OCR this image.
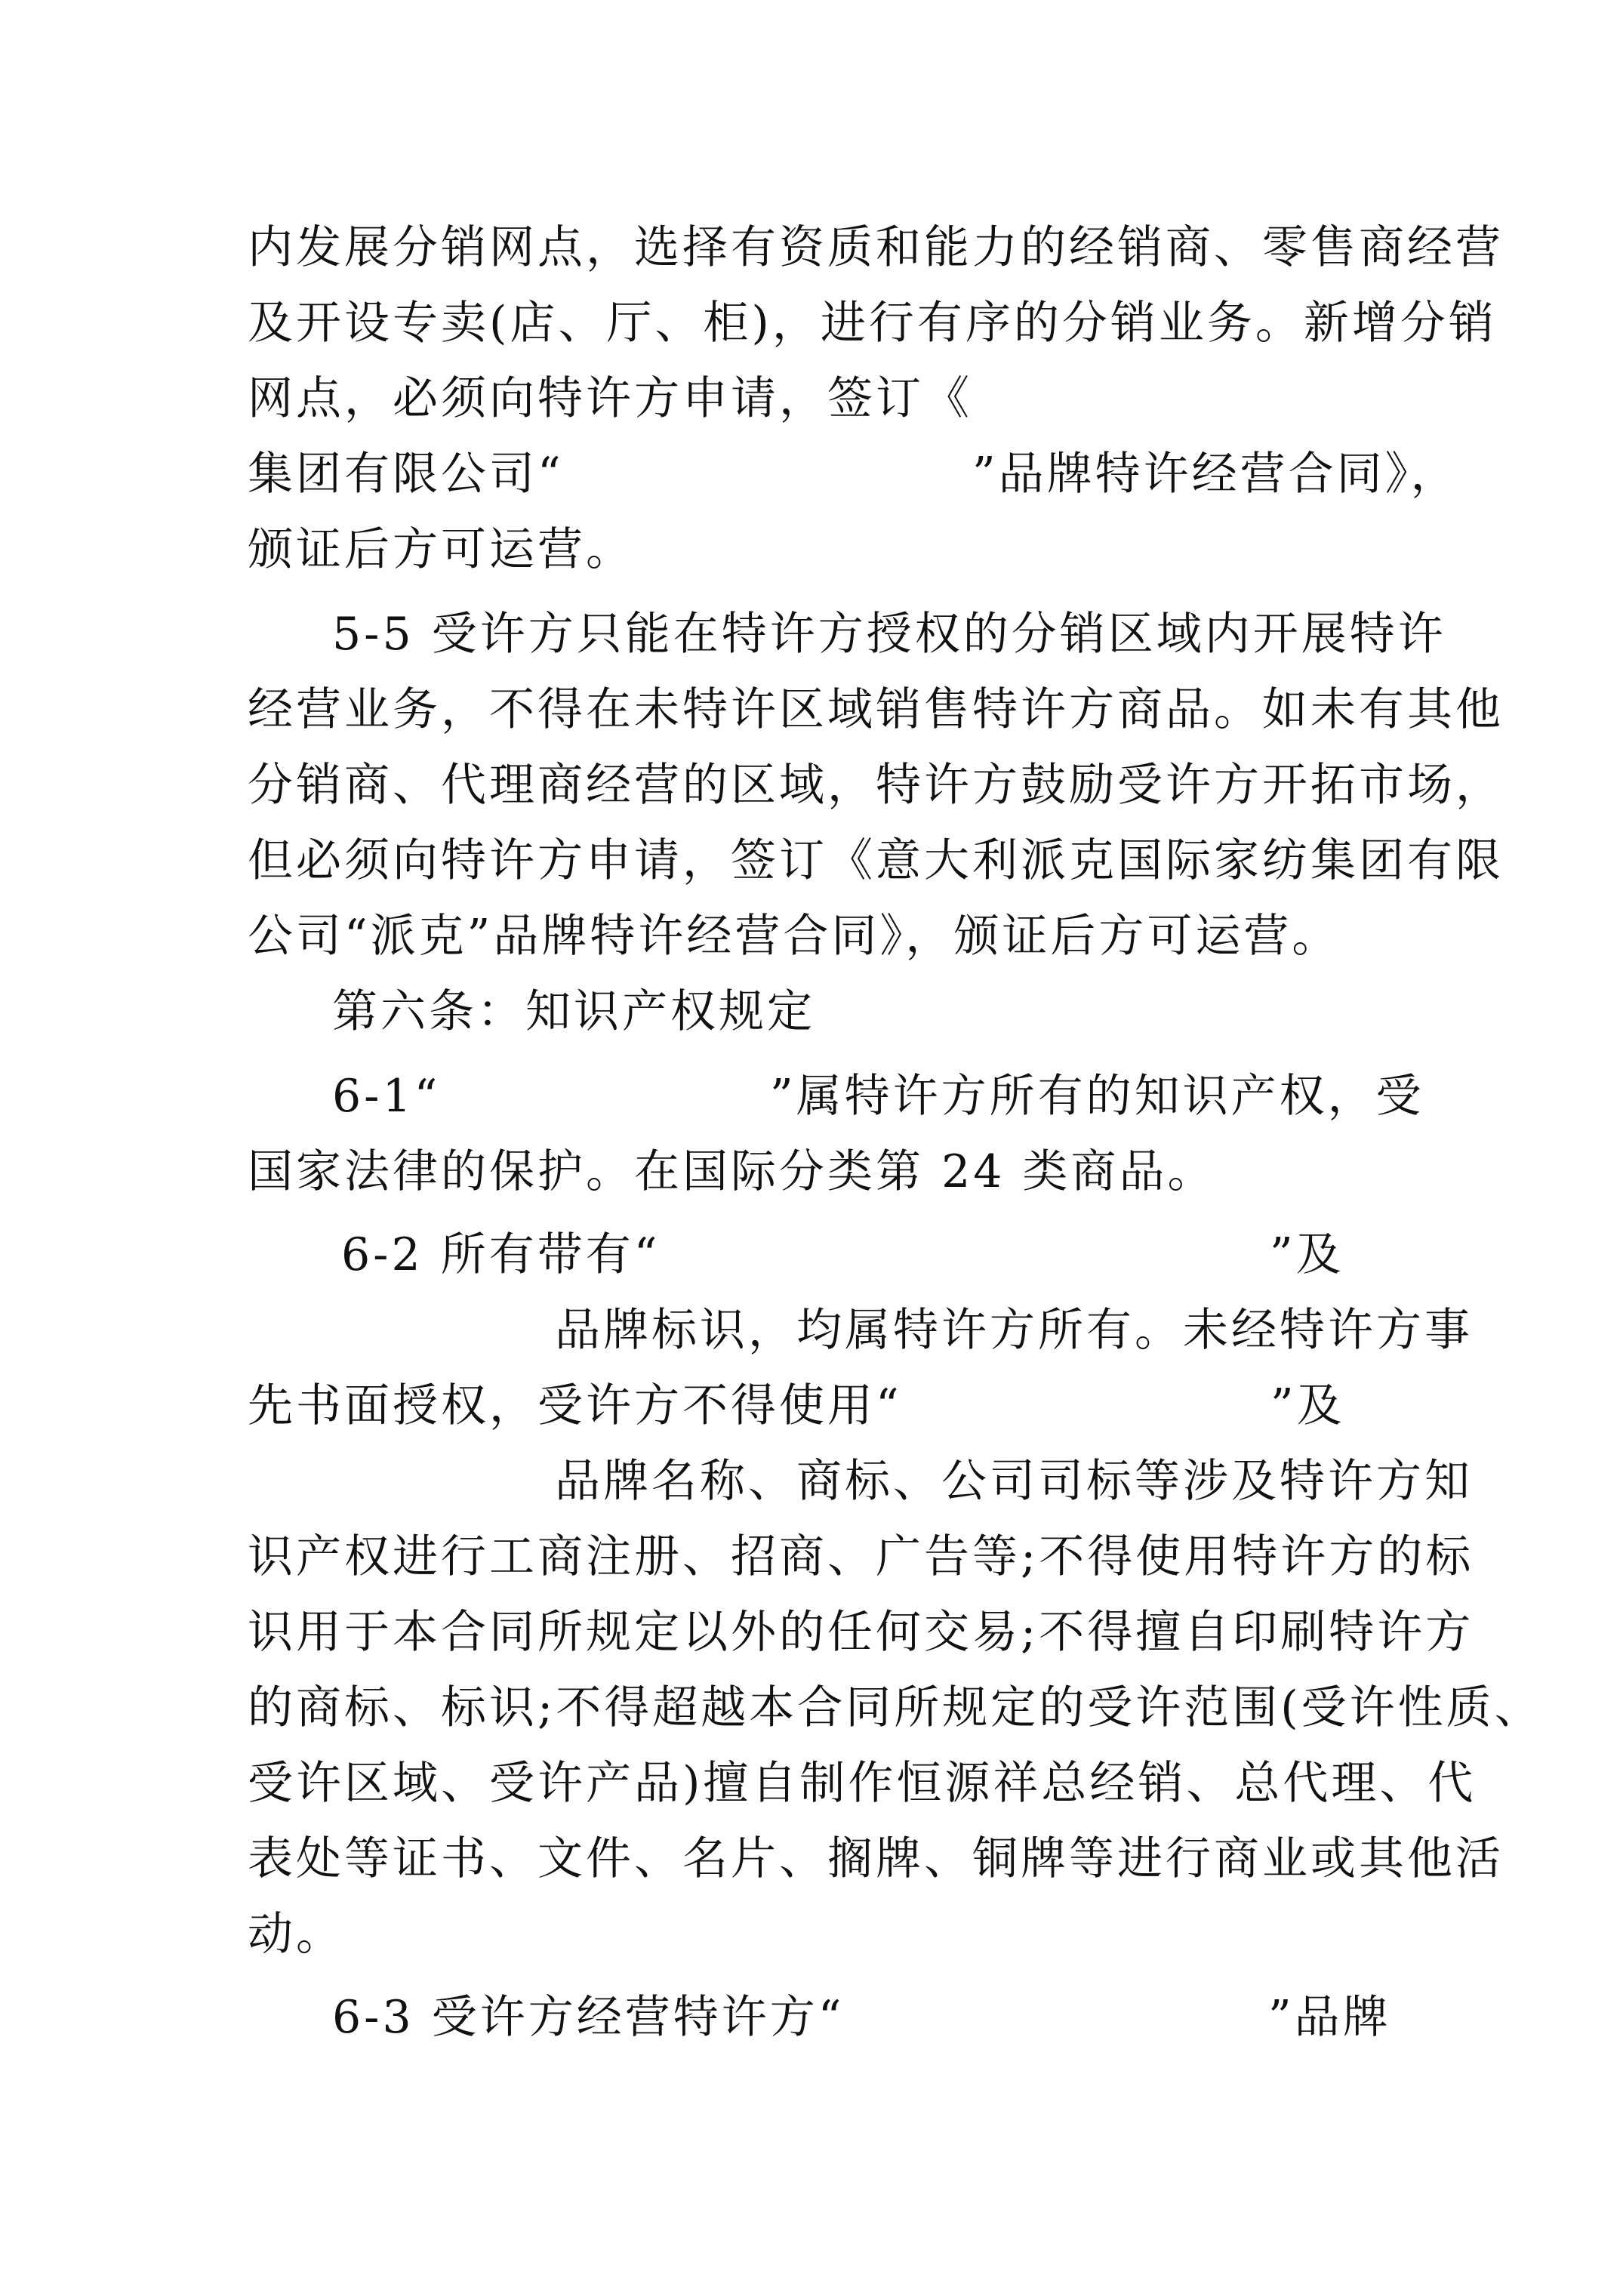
内发展分销网点，选择有资质和能力的经销商、零售商经营
及开设专卖(店、厅、柜)，进行有序的分销业务。新增分销
网点，必须向特许方申请，签订《
集团有限公司“	”品牌特许经营合同》，
颁证后方可运营。
5-5 受许方只能在特许方授权的分销区域内开展特许
经营业务，不得在未特许区域销售特许方商品。如未有其他
分销商、代理商经营的区域，特许方鼓励受许方开拓市场，
但必须向特许方申请，签订《意大利派克国际家纺集团有限
公司“派克”品牌特许经营合同》，颁证后方可运营。
第六条：知识产权规定
6-1“	”属特许方所有的知识产权，受
国家法律的保护。在国际分类第 24 类商品。
6-2 所有带有“	”及
品牌标识，均属特许方所有。未经特许方事
先书面授权，受许方不得使用“	”及
品牌名称、商标、公司司标等涉及特许方知
识产权进行工商注册、招商、广告等;不得使用特许方的标
识用于本合同所规定以外的任何交易;不得擅自印刷特许方
的商标、标识;不得超越本合同所规定的受许范围(受许性质、
受许区域、受许产品)擅自制作恒源祥总经销、总代理、代
表处等证书、文件、名片、搁牌、铜牌等进行商业或其他活
动。
6-3 受许方经营特许方“	”品牌
